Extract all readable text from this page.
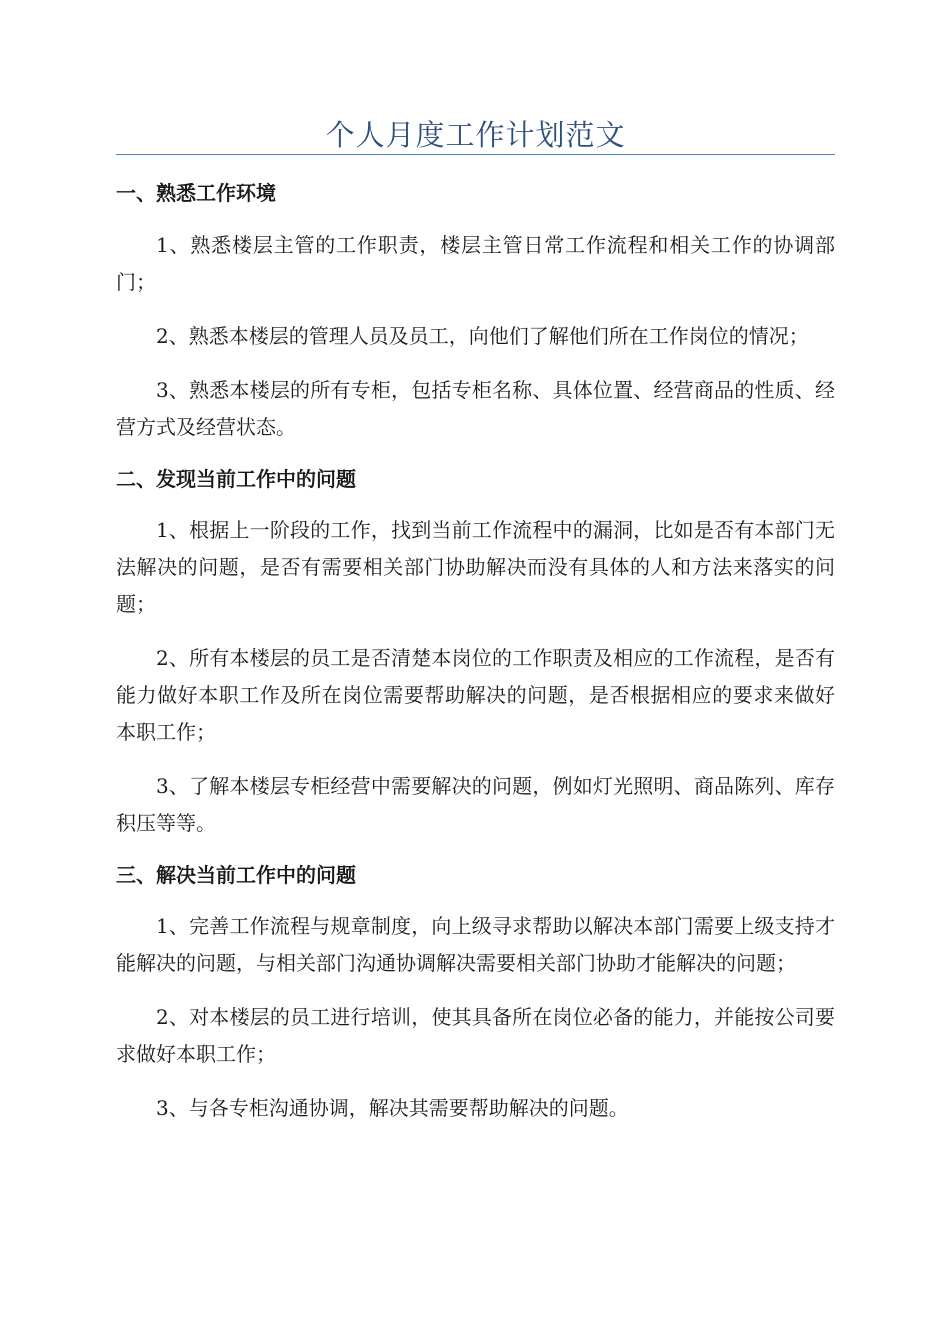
个人月度工作计划范文
一、熟悉工作环境

1、熟悉楼层主管的工作职责，楼层主管日常工作流程和相关工作的协调部门；

2、熟悉本楼层的管理人员及员工，向他们了解他们所在工作岗位的情况；

3、熟悉本楼层的所有专柜，包括专柜名称、具体位置、经营商品的性质、经营方式及经营状态。

二、发现当前工作中的问题

1、根据上一阶段的工作，找到当前工作流程中的漏洞，比如是否有本部门无法解决的问题，是否有需要相关部门协助解决而没有具体的人和方法来落实的问题；

2、所有本楼层的员工是否清楚本岗位的工作职责及相应的工作流程，是否有能力做好本职工作及所在岗位需要帮助解决的问题，是否根据相应的要求来做好本职工作；

3、了解本楼层专柜经营中需要解决的问题，例如灯光照明、商品陈列、库存积压等等。

三、解决当前工作中的问题

1、完善工作流程与规章制度，向上级寻求帮助以解决本部门需要上级支持才能解决的问题，与相关部门沟通协调解决需要相关部门协助才能解决的问题；

2、对本楼层的员工进行培训，使其具备所在岗位必备的能力，并能按公司要求做好本职工作；

3、与各专柜沟通协调，解决其需要帮助解决的问题。
